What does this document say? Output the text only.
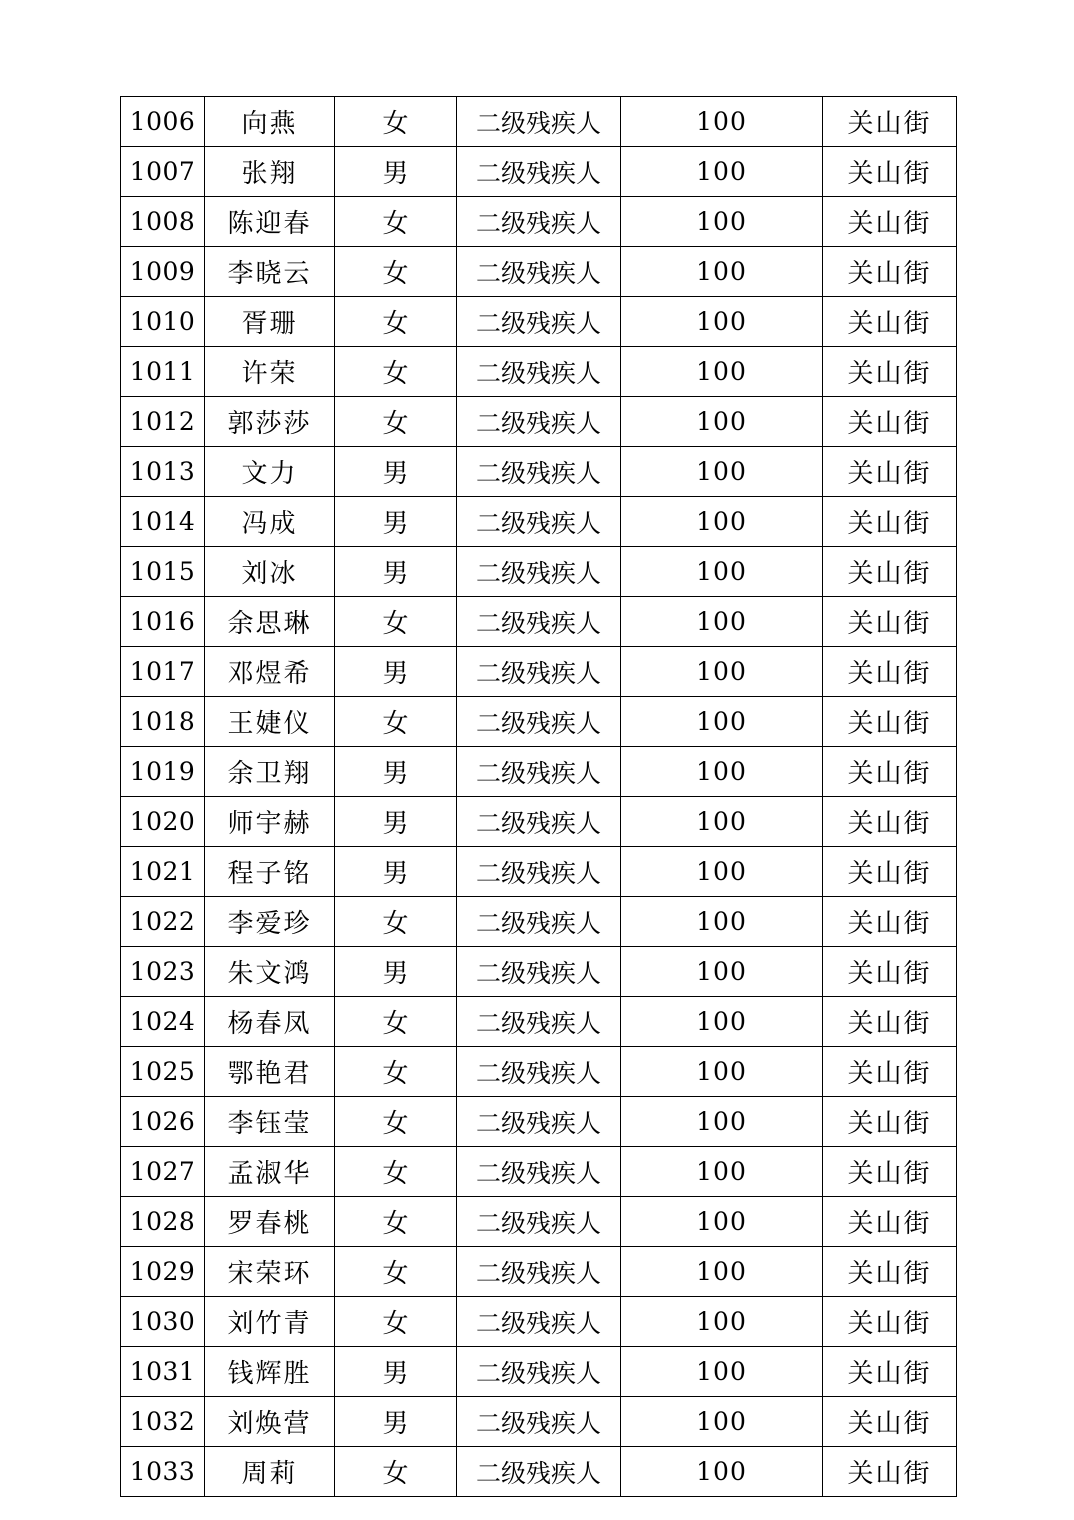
1006	向燕	女	二级残疾人	100	关山街
1007	张翔	男	二级残疾人	100	关山街
1008	陈迎春	女	二级残疾人	100	关山街
1009	李晓云	女	二级残疾人	100	关山街
1010	胥珊	女	二级残疾人	100	关山街
1011	许荣	女	二级残疾人	100	关山街
1012	郭莎莎	女	二级残疾人	100	关山街
1013	文力	男	二级残疾人	100	关山街
1014	冯成	男	二级残疾人	100	关山街
1015	刘冰	男	二级残疾人	100	关山街
1016	余思琳	女	二级残疾人	100	关山街
1017	邓煜希	男	二级残疾人	100	关山街
1018	王婕仪	女	二级残疾人	100	关山街
1019	余卫翔	男	二级残疾人	100	关山街
1020	师宇赫	男	二级残疾人	100	关山街
1021	程子铭	男	二级残疾人	100	关山街
1022	李爱珍	女	二级残疾人	100	关山街
1023	朱文鸿	男	二级残疾人	100	关山街
1024	杨春凤	女	二级残疾人	100	关山街
1025	鄂艳君	女	二级残疾人	100	关山街
1026	李钰莹	女	二级残疾人	100	关山街
1027	孟淑华	女	二级残疾人	100	关山街
1028	罗春桃	女	二级残疾人	100	关山街
1029	宋荣环	女	二级残疾人	100	关山街
1030	刘竹青	女	二级残疾人	100	关山街
1031	钱辉胜	男	二级残疾人	100	关山街
1032	刘焕营	男	二级残疾人	100	关山街
1033	周莉	女	二级残疾人	100	关山街
